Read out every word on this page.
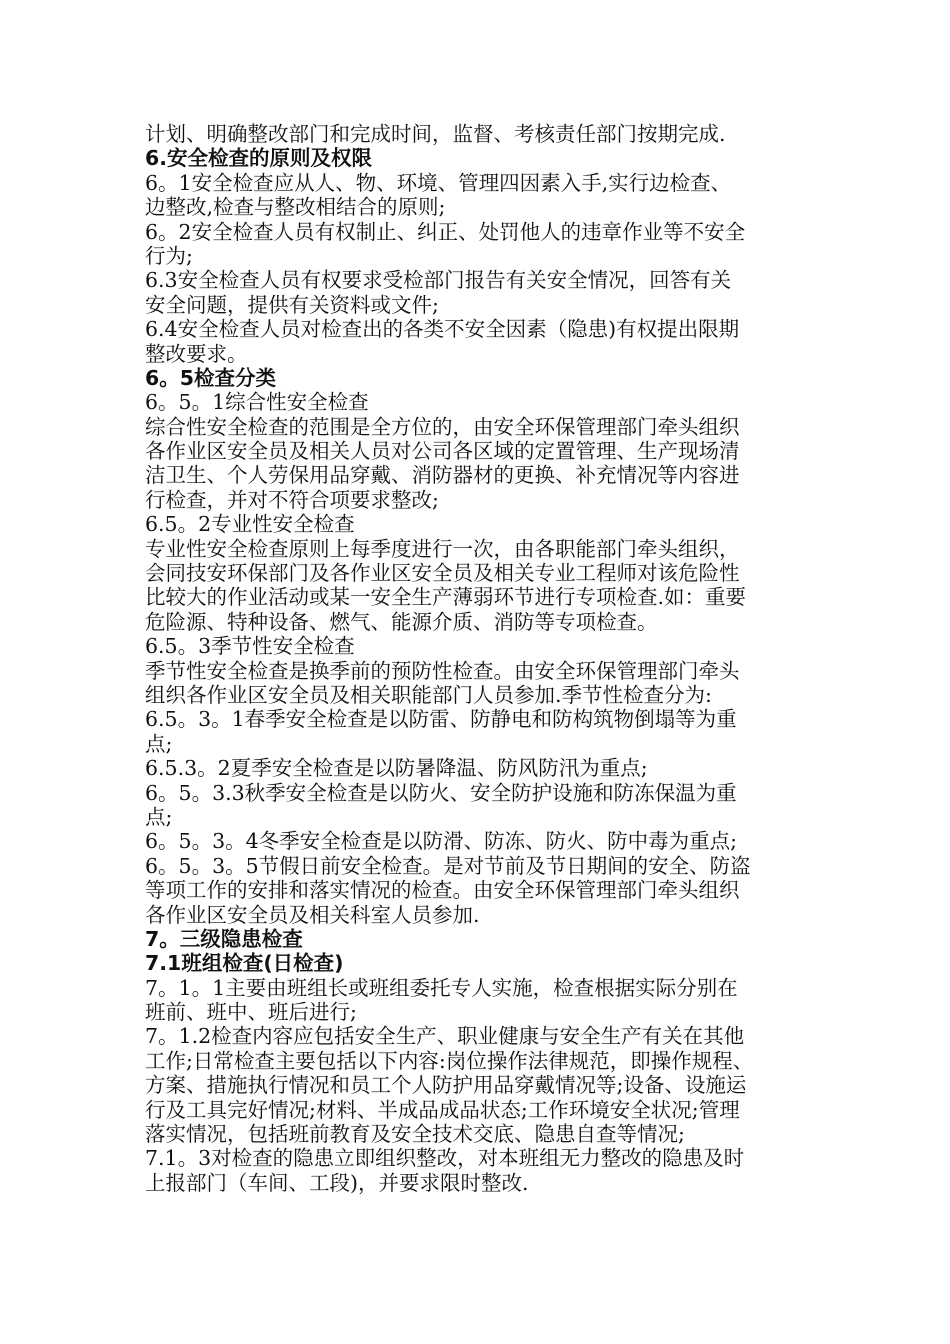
计划、明确整改部门和完成时间，监督、考核责任部门按期完成.
6.安全检查的原则及权限
6。1安全检查应从人、物、环境、管理四因素入手,实行边检查、
边整改,检查与整改相结合的原则;
6。2安全检查人员有权制止、纠正、处罚他人的违章作业等不安全
行为;
6.3安全检查人员有权要求受检部门报告有关安全情况，回答有关
安全问题，提供有关资料或文件;
6.4安全检查人员对检查出的各类不安全因素（隐患)有权提出限期
整改要求。
6。5检查分类
6。5。1综合性安全检查
综合性安全检查的范围是全方位的，由安全环保管理部门牵头组织
各作业区安全员及相关人员对公司各区域的定置管理、生产现场清
洁卫生、个人劳保用品穿戴、消防器材的更换、补充情况等内容进
行检查，并对不符合项要求整改;
6.5。2专业性安全检查
专业性安全检查原则上每季度进行一次，由各职能部门牵头组织，
会同技安环保部门及各作业区安全员及相关专业工程师对该危险性
比较大的作业活动或某一安全生产薄弱环节进行专项检查.如：重要
危险源、特种设备、燃气、能源介质、消防等专项检查。
6.5。3季节性安全检查
季节性安全检查是换季前的预防性检查。由安全环保管理部门牵头
组织各作业区安全员及相关职能部门人员参加.季节性检查分为:
6.5。3。1春季安全检查是以防雷、防静电和防构筑物倒塌等为重
点;
6.5.3。2夏季安全检查是以防暑降温、防风防汛为重点;
6。5。3.3秋季安全检查是以防火、安全防护设施和防冻保温为重
点;
6。5。3。4冬季安全检查是以防滑、防冻、防火、防中毒为重点;
6。5。3。5节假日前安全检查。是对节前及节日期间的安全、防盗
等项工作的安排和落实情况的检查。由安全环保管理部门牵头组织
各作业区安全员及相关科室人员参加.
7。三级隐患检查
7.1班组检查(日检查)
7。1。1主要由班组长或班组委托专人实施，检查根据实际分别在
班前、班中、班后进行;
7。1.2检查内容应包括安全生产、职业健康与安全生产有关在其他
工作;日常检查主要包括以下内容:岗位操作法律规范，即操作规程、
方案、措施执行情况和员工个人防护用品穿戴情况等;设备、设施运
行及工具完好情况;材料、半成品成品状态;工作环境安全状况;管理
落实情况，包括班前教育及安全技术交底、隐患自查等情况;
7.1。3对检查的隐患立即组织整改，对本班组无力整改的隐患及时
上报部门（车间、工段)，并要求限时整改.
